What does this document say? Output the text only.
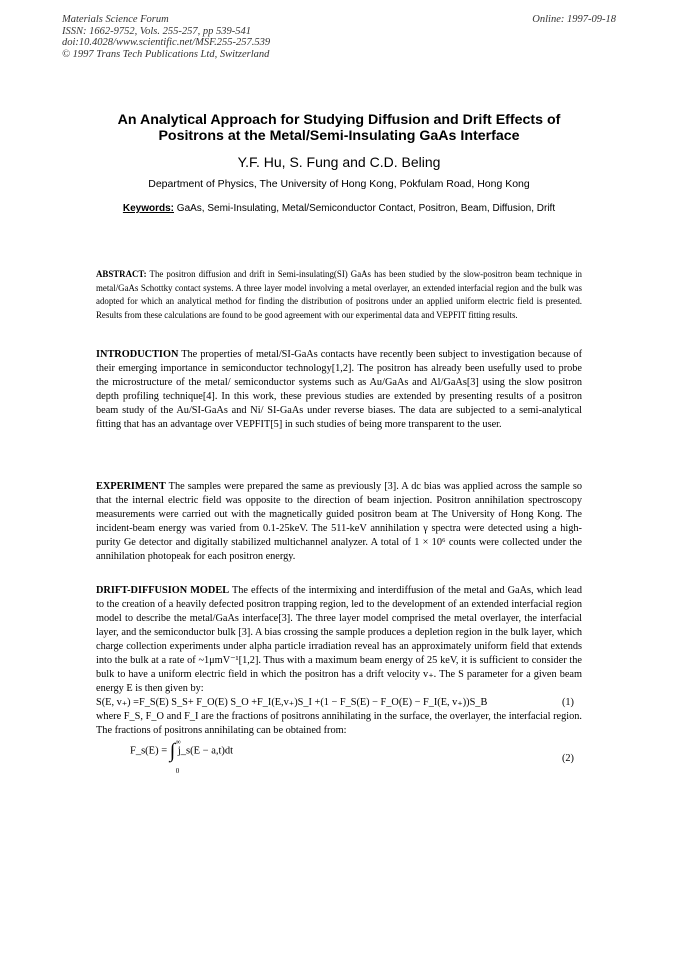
Materials Science Forum
ISSN: 1662-9752, Vols. 255-257, pp 539-541
doi:10.4028/www.scientific.net/MSF.255-257.539
© 1997 Trans Tech Publications Ltd, Switzerland
Online: 1997-09-18
An Analytical Approach for Studying Diffusion and Drift Effects of
Positrons at the Metal/Semi-Insulating GaAs Interface
Y.F. Hu, S. Fung and C.D. Beling
Department of Physics, The University of Hong Kong, Pokfulam Road, Hong Kong
Keywords: GaAs, Semi-Insulating, Metal/Semiconductor Contact, Positron, Beam, Diffusion, Drift
ABSTRACT: The positron diffusion and drift in Semi-insulating(SI) GaAs has been studied by the slow-positron beam technique in metal/GaAs Schottky contact systems. A three layer model involving a metal overlayer, an extended interfacial region and the bulk was adopted for which an analytical method for finding the distribution of positrons under an applied uniform electric field is presented. Results from these calculations are found to be good agreement with our experimental data and VEPFIT fitting results.
INTRODUCTION The properties of metal/SI-GaAs contacts have recently been subject to investigation because of their emerging importance in semiconductor technology[1,2]. The positron has already been usefully used to probe the microstructure of the metal/ semiconductor systems such as Au/GaAs and Al/GaAs[3] using the slow positron depth profiling technique[4]. In this work, these previous studies are extended by presenting results of a positron beam study of the Au/SI-GaAs and Ni/ SI-GaAs under reverse biases. The data are subjected to a semi-analytical fitting that has an advantage over VEPFIT[5] in such studies of being more transparent to the user.
EXPERIMENT The samples were prepared the same as previously [3]. A dc bias was applied across the sample so that the internal electric field was opposite to the direction of beam injection. Positron annihilation spectroscopy measurements were carried out with the magnetically guided positron beam at The University of Hong Kong. The incident-beam energy was varied from 0.1-25keV. The 511-keV annihilation γ spectra were detected using a high-purity Ge detector and digitally stabilized multichannel analyzer. A total of 1 × 10⁶ counts were collected under the annihilation photopeak for each positron energy.
DRIFT-DIFFUSION MODEL The effects of the intermixing and interdiffusion of the metal and GaAs, which lead to the creation of a heavily defected positron trapping region, led to the development of an extended interfacial region model to describe the metal/GaAs interface[3]. The three layer model comprised the metal overlayer, the interfacial layer, and the semiconductor bulk [3]. A bias crossing the sample produces a depletion region in the bulk layer, which charge collection experiments under alpha particle irradiation reveal has an approximately uniform field that extends into the bulk at a rate of ~1μmV⁻¹[1,2]. Thus with a maximum beam energy of 25 keV, it is sufficient to consider the bulk to have a uniform electric field in which the positron has a drift velocity v₊. The S parameter for a given beam energy E is then given by:
S(E, v₊) =F_S(E) S_S+ F_O(E) S_O +F_I(E,v₊)S_I +(1 − F_S(E) − F_O(E) − F_I(E, v₊))S_B	(1)
where F_S, F_O and F_I are the fractions of positrons annihilating in the surface, the overlayer, the interfacial region. The fractions of positrons annihilating can be obtained from:
F_s(E) =
∞
∫
0
j_s(E − a,t)dt
(2)
